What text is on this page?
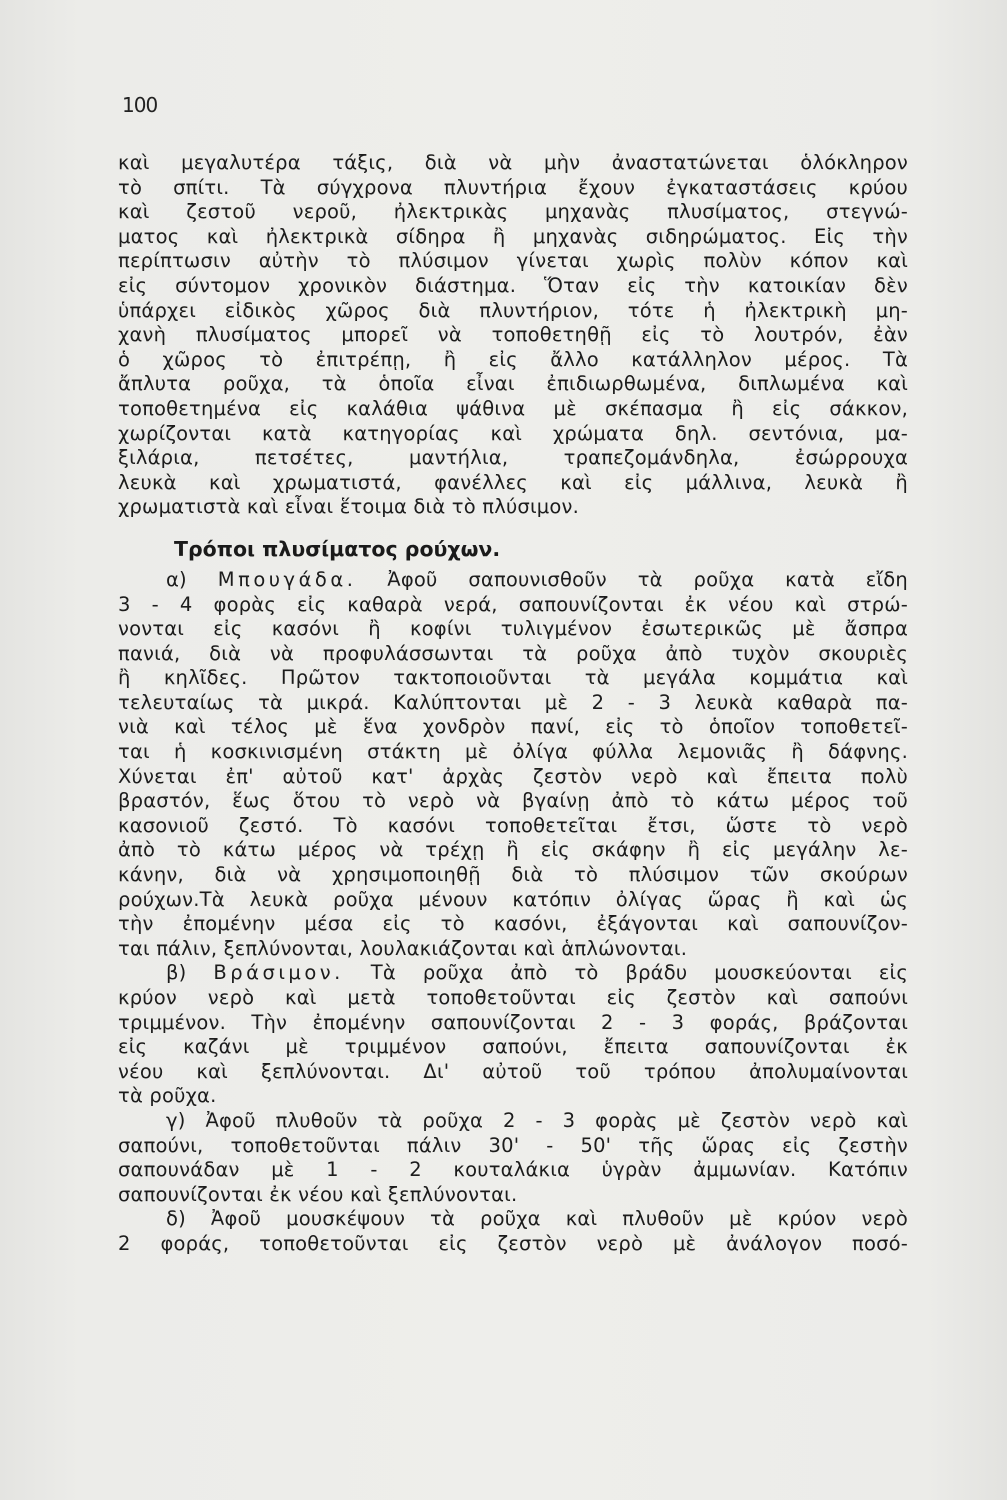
100
καὶ μεγαλυτέρα τάξις, διὰ νὰ μὴν ἀναστατώνεται ὁλόκληρον
τὸ σπίτι. Τὰ σύγχρονα πλυντήρια ἔχουν ἐγκαταστάσεις κρύου
καὶ ζεστοῦ νεροῦ, ἠλεκτρικὰς μηχανὰς πλυσίματος, στεγνώ-
ματος καὶ ἠλεκτρικὰ σίδηρα ἢ μηχανὰς σιδηρώματος. Εἰς τὴν
περίπτωσιν αὐτὴν τὸ πλύσιμον γίνεται χωρὶς πολὺν κόπον καὶ
εἰς σύντομον χρονικὸν διάστημα. Ὅταν εἰς τὴν κατοικίαν δὲν
ὑπάρχει εἰδικὸς χῶρος διὰ πλυντήριον, τότε ἡ ἠλεκτρικὴ μη-
χανὴ πλυσίματος μπορεῖ νὰ τοποθετηθῇ εἰς τὸ λουτρόν, ἐὰν
ὁ χῶρος τὸ ἐπιτρέπῃ, ἢ εἰς ἄλλο κατάλληλον μέρος. Τὰ
ἄπλυτα ροῦχα, τὰ ὁποῖα εἶναι ἐπιδιωρθωμένα, διπλωμένα καὶ
τοποθετημένα εἰς καλάθια ψάθινα μὲ σκέπασμα ἢ εἰς σάκκον,
χωρίζονται κατὰ κατηγορίας καὶ χρώματα δηλ. σεντόνια, μα-
ξιλάρια, πετσέτες, μαντήλια, τραπεζομάνδηλα, ἐσώρρουχα
λευκὰ καὶ χρωματιστά, φανέλλες καὶ εἰς μάλλινα, λευκὰ ἢ
χρωματιστὰ καὶ εἶναι ἕτοιμα διὰ τὸ πλύσιμον.
Τρόποι πλυσίματος ρούχων.
α) Μπουγάδα. Ἀφοῦ σαπουνισθοῦν τὰ ροῦχα κατὰ εἴδη
3 - 4 φορὰς εἰς καθαρὰ νερά, σαπουνίζονται ἐκ νέου καὶ στρώ-
νονται εἰς κασόνι ἢ κοφίνι τυλιγμένον ἐσωτερικῶς μὲ ἄσπρα
πανιά, διὰ νὰ προφυλάσσωνται τὰ ροῦχα ἀπὸ τυχὸν σκουριὲς
ἢ κηλῖδες. Πρῶτον τακτοποιοῦνται τὰ μεγάλα κομμάτια καὶ
τελευταίως τὰ μικρά. Καλύπτονται μὲ 2 - 3 λευκὰ καθαρὰ πα-
νιὰ καὶ τέλος μὲ ἕνα χονδρὸν πανί, εἰς τὸ ὁποῖον τοποθετεῖ-
ται ἡ κοσκινισμένη στάκτη μὲ ὀλίγα φύλλα λεμονιᾶς ἢ δάφνης.
Χύνεται ἐπ' αὐτοῦ κατ' ἀρχὰς ζεστὸν νερὸ καὶ ἔπειτα πολὺ
βραστόν, ἕως ὅτου τὸ νερὸ νὰ βγαίνῃ ἀπὸ τὸ κάτω μέρος τοῦ
κασονιοῦ ζεστό. Τὸ κασόνι τοποθετεῖται ἔτσι, ὥστε τὸ νερὸ
ἀπὸ τὸ κάτω μέρος νὰ τρέχῃ ἢ εἰς σκάφην ἢ εἰς μεγάλην λε-
κάνην, διὰ νὰ χρησιμοποιηθῇ διὰ τὸ πλύσιμον τῶν σκούρων
ρούχων.Τὰ λευκὰ ροῦχα μένουν κατόπιν ὀλίγας ὥρας ἢ καὶ ὡς
τὴν ἐπομένην μέσα εἰς τὸ κασόνι, ἐξάγονται καὶ σαπουνίζον-
ται πάλιν, ξεπλύνονται, λουλακιάζονται καὶ ἁπλώνονται.
β) Βράσιμον. Τὰ ροῦχα ἀπὸ τὸ βράδυ μουσκεύονται εἰς
κρύον νερὸ καὶ μετὰ τοποθετοῦνται εἰς ζεστὸν καὶ σαπούνι
τριμμένον. Τὴν ἐπομένην σαπουνίζονται 2 - 3 φοράς, βράζονται
εἰς καζάνι μὲ τριμμένον σαπούνι, ἔπειτα σαπουνίζονται ἐκ
νέου καὶ ξεπλύνονται. Δι' αὐτοῦ τοῦ τρόπου ἀπολυμαίνονται
τὰ ροῦχα.
γ) Ἀφοῦ πλυθοῦν τὰ ροῦχα 2 - 3 φορὰς μὲ ζεστὸν νερὸ καὶ
σαπούνι, τοποθετοῦνται πάλιν 30' - 50' τῆς ὥρας εἰς ζεστὴν
σαπουνάδαν μὲ 1 - 2 κουταλάκια ὑγρὰν ἀμμωνίαν. Κατόπιν
σαπουνίζονται ἐκ νέου καὶ ξεπλύνονται.
δ) Ἀφοῦ μουσκέψουν τὰ ροῦχα καὶ πλυθοῦν μὲ κρύον νερὸ
2 φοράς, τοποθετοῦνται εἰς ζεστὸν νερὸ μὲ ἀνάλογον ποσό-
